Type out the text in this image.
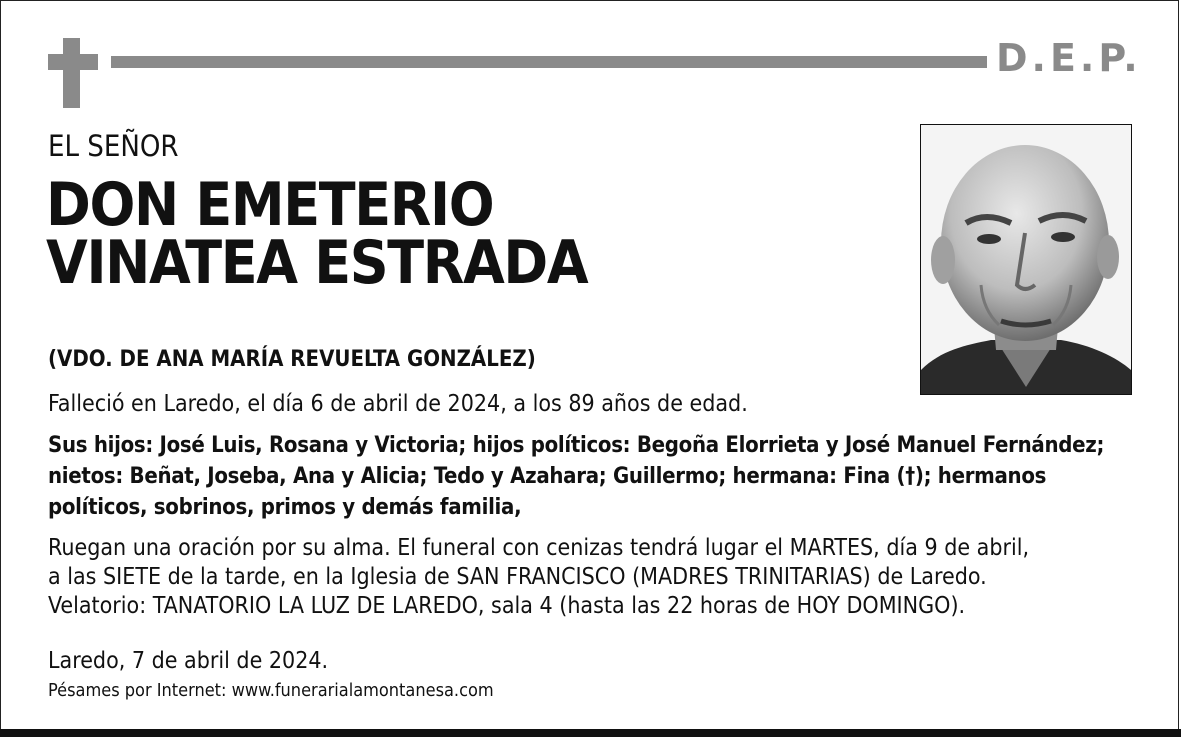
D.E.P.
EL SEÑOR
DON EMETERIO
VINATEA ESTRADA
(VDO. DE ANA MARÍA REVUELTA GONZÁLEZ)
Falleció en Laredo, el día 6 de abril de 2024, a los 89 años de edad.
Sus hijos: José Luis, Rosana y Victoria; hijos políticos: Begoña Elorrieta y José Manuel Fernández;
nietos: Beñat, Joseba, Ana y Alicia; Tedo y Azahara; Guillermo; hermana: Fina (†); hermanos
políticos, sobrinos, primos y demás familia,
Ruegan una oración por su alma. El funeral con cenizas tendrá lugar el MARTES, día 9 de abril,
a las SIETE de la tarde, en la Iglesia de SAN FRANCISCO (MADRES TRINITARIAS) de Laredo.
Velatorio: TANATORIO LA LUZ DE LAREDO, sala 4 (hasta las 22 horas de HOY DOMINGO).
Laredo, 7 de abril de 2024.
Pésames por Internet: www.funerarialamontanesa.com
